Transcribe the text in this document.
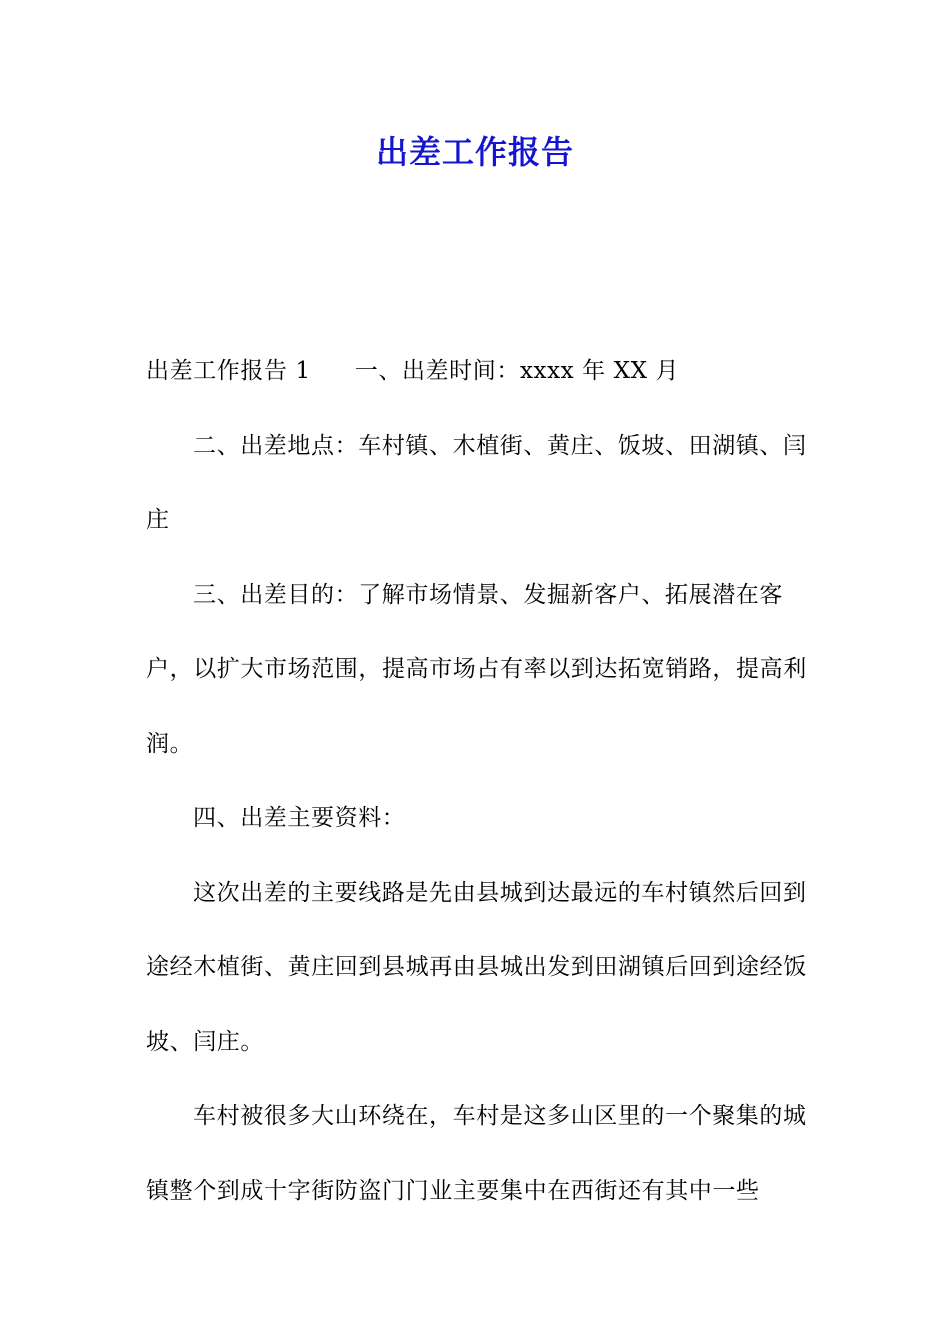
出差工作报告

出差工作报告 1 一、出差时间：xxxx 年 XX 月

二、出差地点：车村镇、木植街、黄庄、饭坡、田湖镇、闫庄

三、出差目的：了解市场情景、发掘新客户、拓展潜在客户，以扩大市场范围，提高市场占有率以到达拓宽销路，提高利润。

四、出差主要资料：

这次出差的主要线路是先由县城到达最远的车村镇然后回到途经木植街、黄庄回到县城再由县城出发到田湖镇后回到途经饭坡、闫庄。

车村被很多大山环绕在，车村是这多山区里的一个聚集的城镇整个到成十字街防盗门门业主要集中在西街还有其中一些
